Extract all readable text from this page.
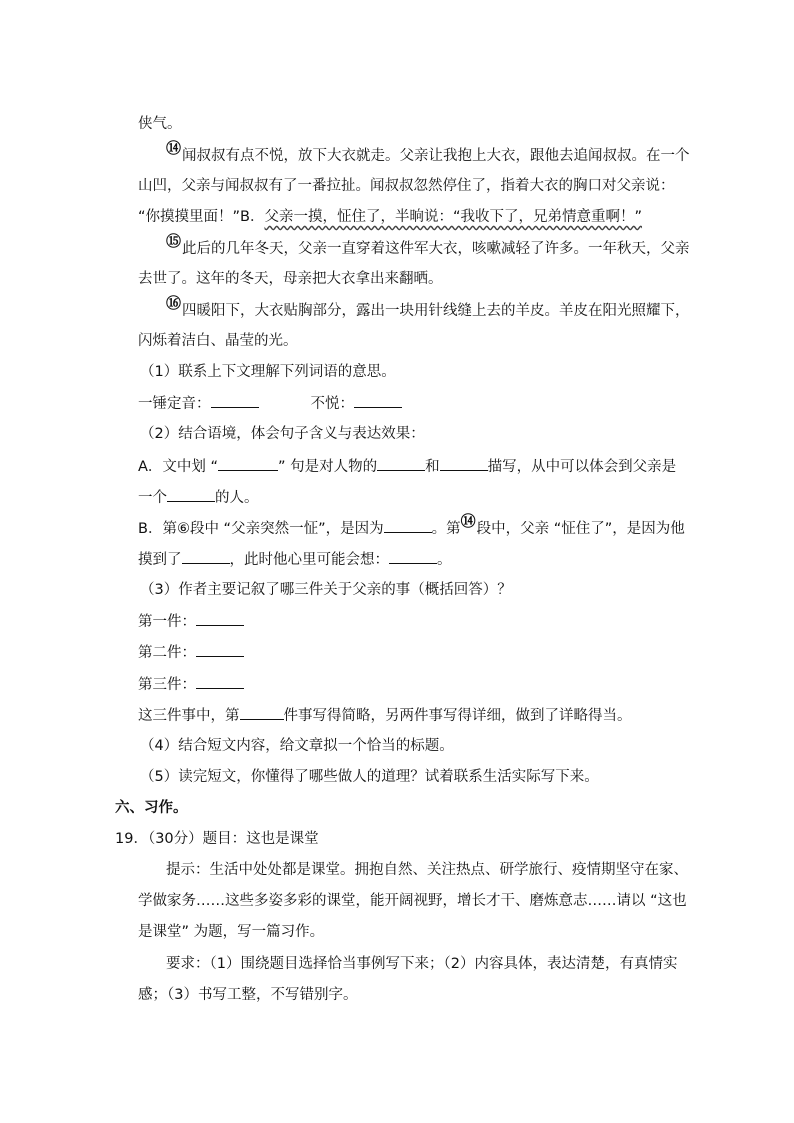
侠气。
⑭闻叔叔有点不悦，放下大衣就走。父亲让我抱上大衣，跟他去追闻叔叔。在一个
山凹，父亲与闻叔叔有了一番拉扯。闻叔叔忽然停住了，指着大衣的胸口对父亲说：
“你摸摸里面！”B．父亲一摸，怔住了，半晌说：“我收下了，兄弟情意重啊！”
⑮此后的几年冬天，父亲一直穿着这件军大衣，咳嗽减轻了许多。一年秋天，父亲
去世了。这年的冬天，母亲把大衣拿出来翻晒。
⑯四暖阳下，大衣贴胸部分，露出一块用针线缝上去的羊皮。羊皮在阳光照耀下，
闪烁着洁白、晶莹的光。
（1）联系上下文理解下列词语的意思。
一锤定音：	不悦：
（2）结合语境，体会句子含义与表达效果：
A．文中划 “	” 句是对人物的	和	描写，从中可以体会到父亲是
一个	的人。
B．第⑥段中 “父亲突然一怔”，是因为	。第⑭段中，父亲 “怔住了”，是因为他
摸到了	，此时他心里可能会想：	。
（3）作者主要记叙了哪三件关于父亲的事（概括回答）？
第一件：
第二件：
第三件：
这三件事中，第	件事写得简略，另两件事写得详细，做到了详略得当。
（4）结合短文内容，给文章拟一个恰当的标题。
（5）读完短文，你懂得了哪些做人的道理？试着联系生活实际写下来。
六、习作。
19．（30分）题目：这也是课堂
提示：生活中处处都是课堂。拥抱自然、关注热点、研学旅行、疫情期坚守在家、
学做家务……这些多姿多彩的课堂，能开阔视野，增长才干、磨炼意志……请以 “这也
是课堂” 为题，写一篇习作。
要求：（1）围绕题目选择恰当事例写下来；（2）内容具体，表达清楚，有真情实
感；（3）书写工整，不写错别字。
